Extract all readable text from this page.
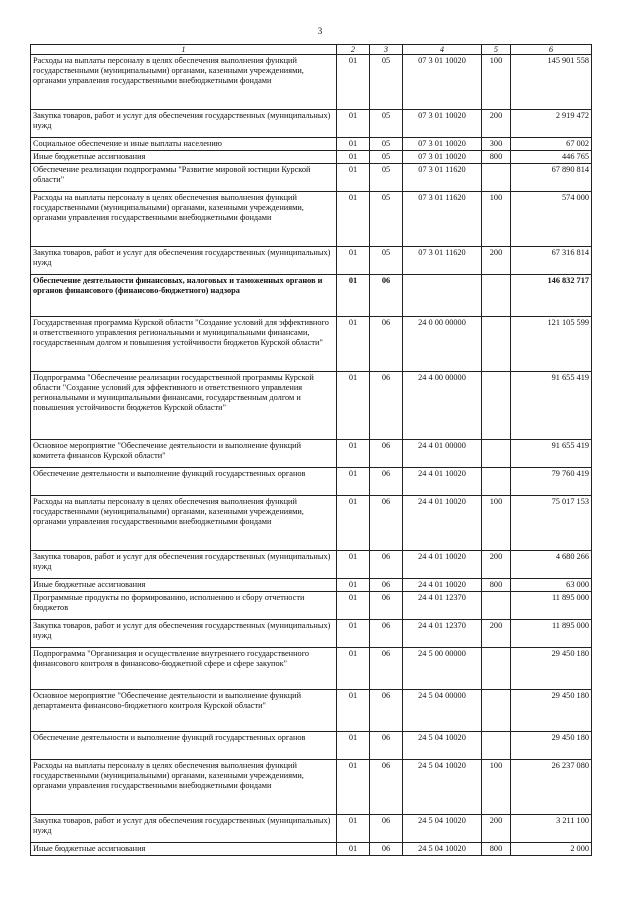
3
1	2	3	4	5	6
Расходы на выплаты персоналу в целях обеспечения выполнения функций государственными (муниципальными) органами, казенными учреждениями, органами управления государственными внебюджетными фондами	01	05	07 3 01 10020	100	145 901 558
Закупка товаров, работ и услуг для обеспечения государственных (муниципальных) нужд	01	05	07 3 01 10020	200	2 919 472
Социальное обеспечение и иные выплаты населению	01	05	07 3 01 10020	300	67 002
Иные бюджетные ассигнования	01	05	07 3 01 10020	800	446 765
Обеспечение реализации подпрограммы "Развитие мировой юстиции Курской области"	01	05	07 3 01 11620		67 890 814
Расходы на выплаты персоналу в целях обеспечения выполнения функций государственными (муниципальными) органами, казенными учреждениями, органами управления государственными внебюджетными фондами	01	05	07 3 01 11620	100	574 000
Закупка товаров, работ и услуг для обеспечения государственных (муниципальных) нужд	01	05	07 3 01 11620	200	67 316 814
Обеспечение деятельности финансовых, налоговых и таможенных органов и органов финансового (финансово-бюджетного) надзора	01	06			146 832 717
Государственная программа Курской области "Создание условий для эффективного и ответственного управления региональными и муниципальными финансами, государственным долгом и повышения устойчивости бюджетов Курской области"	01	06	24 0 00 00000		121 105 599
Подпрограмма "Обеспечение реализации государственной программы Курской области "Создание условий для эффективного и ответственного управления региональными и муниципальными финансами, государственным долгом и повышения устойчивости бюджетов Курской области"	01	06	24 4 00 00000		91 655 419
Основное мероприятие "Обеспечение деятельности и выполнение функций комитета финансов Курской области"	01	06	24 4 01 00000		91 655 419
Обеспечение деятельности и выполнение функций государственных органов	01	06	24 4 01 10020		79 760 419
Расходы на выплаты персоналу в целях обеспечения выполнения функций государственными (муниципальными) органами, казенными учреждениями, органами управления государственными внебюджетными фондами	01	06	24 4 01 10020	100	75 017 153
Закупка товаров, работ и услуг для обеспечения государственных (муниципальных) нужд	01	06	24 4 01 10020	200	4 680 266
Иные бюджетные ассигнования	01	06	24 4 01 10020	800	63 000
Программные продукты по формированию, исполнению и сбору отчетности бюджетов	01	06	24 4 01 12370		11 895 000
Закупка товаров, работ и услуг для обеспечения государственных (муниципальных) нужд	01	06	24 4 01 12370	200	11 895 000
Подпрограмма "Организация и осуществление внутреннего государственного финансового контроля в финансово-бюджетной сфере и сфере закупок"	01	06	24 5 00 00000		29 450 180
Основное мероприятие "Обеспечение деятельности и выполнение функций департамента финансово-бюджетного контроля Курской области"	01	06	24 5 04 00000		29 450 180
Обеспечение деятельности и выполнение функций государственных органов	01	06	24 5 04 10020		29 450 180
Расходы на выплаты персоналу в целях обеспечения выполнения функций государственными (муниципальными) органами, казенными учреждениями, органами управления государственными внебюджетными фондами	01	06	24 5 04 10020	100	26 237 080
Закупка товаров, работ и услуг для обеспечения государственных (муниципальных) нужд	01	06	24 5 04 10020	200	3 211 100
Иные бюджетные ассигнования	01	06	24 5 04 10020	800	2 000
